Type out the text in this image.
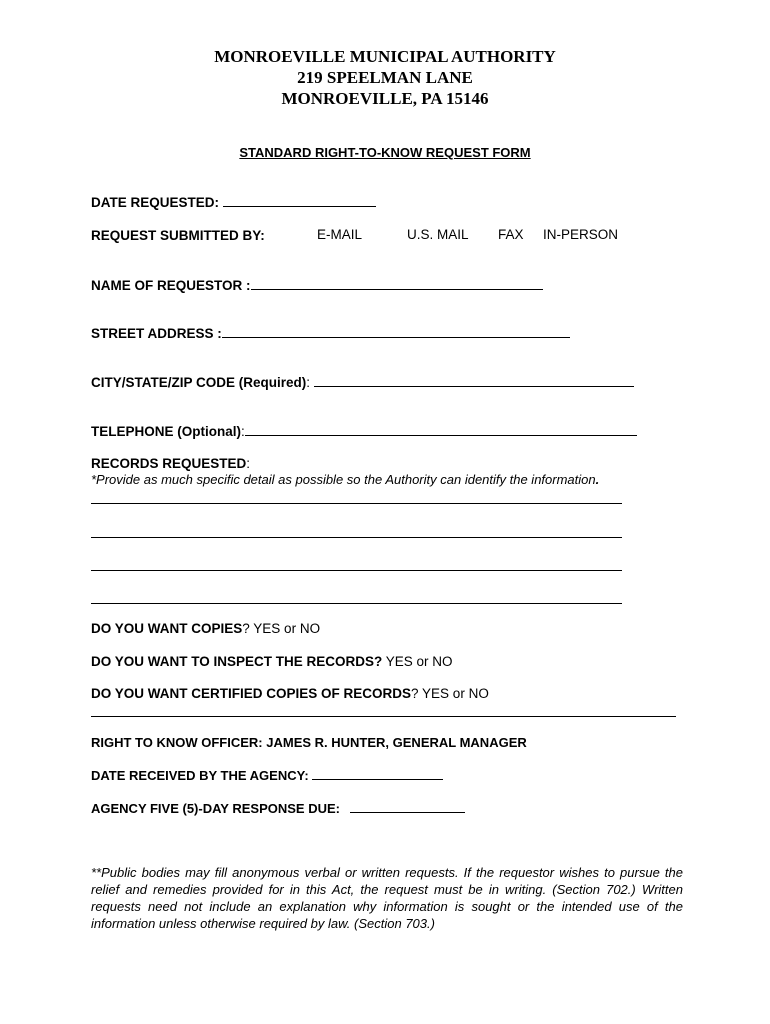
MONROEVILLE MUNICIPAL AUTHORITY
219 SPEELMAN LANE
MONROEVILLE, PA 15146
STANDARD RIGHT-TO-KNOW REQUEST FORM
DATE REQUESTED:
REQUEST SUBMITTED BY:	E-MAIL	U.S. MAIL FAX IN-PERSON
NAME OF REQUESTOR :
STREET ADDRESS :
CITY/STATE/ZIP CODE (Required):
TELEPHONE (Optional):
RECORDS REQUESTED:
*Provide as much specific detail as possible so the Authority can identify the information.
DO YOU WANT COPIES? YES or NO
DO YOU WANT TO INSPECT THE RECORDS? YES or NO
DO YOU WANT CERTIFIED COPIES OF RECORDS? YES or NO
RIGHT TO KNOW OFFICER: JAMES R. HUNTER, GENERAL MANAGER
DATE RECEIVED BY THE AGENCY:
AGENCY FIVE (5)-DAY RESPONSE DUE:
**Public bodies may fill anonymous verbal or written requests. If the requestor wishes to pursue the relief and remedies provided for in this Act, the request must be in writing. (Section 702.) Written requests need not include an explanation why information is sought or the intended use of the information unless otherwise required by law. (Section 703.)
